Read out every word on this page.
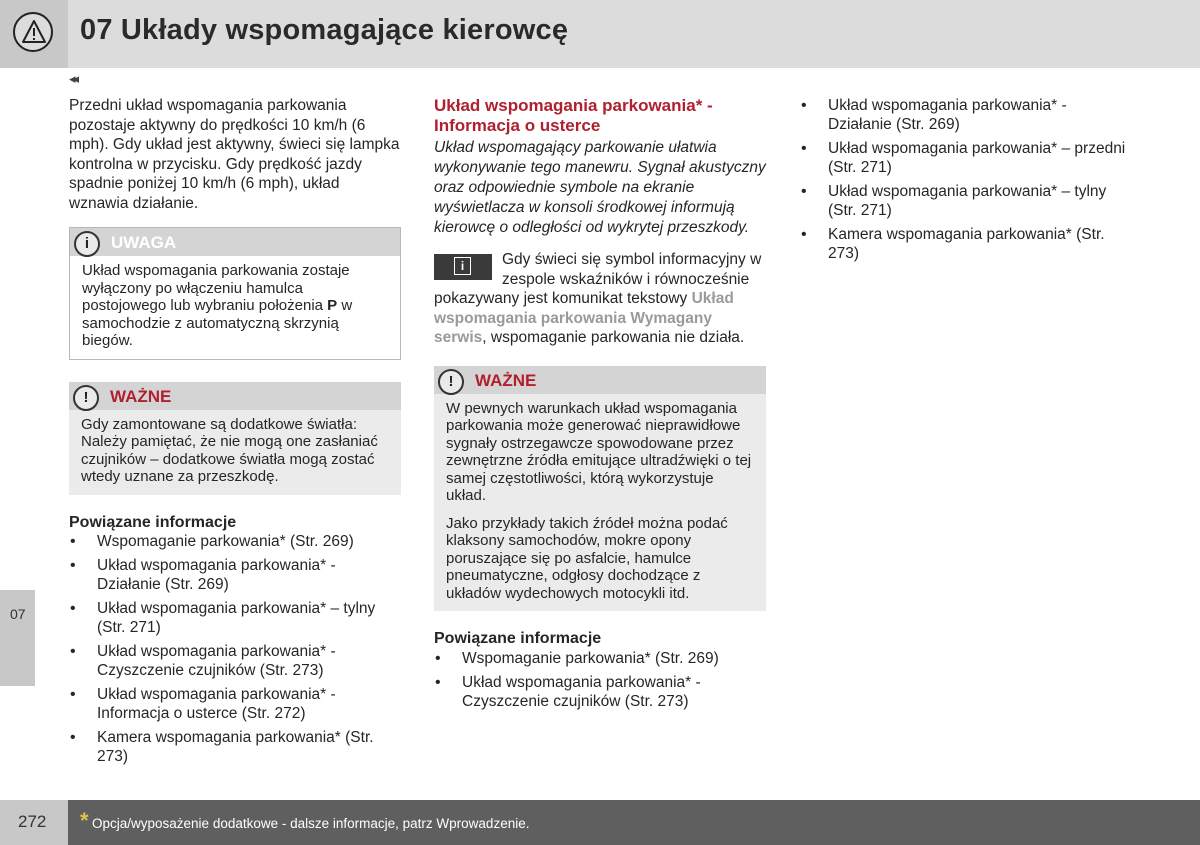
07 Układy wspomagające kierowcę
◂◂
07

Przedni układ wspomagania parkowania pozostaje aktywny do prędkości 10 km/h (6 mph). Gdy układ jest aktywny, świeci się lampka kontrolna w przycisku. Gdy prędkość jazdy spadnie poniżej 10 km/h (6 mph), układ wznawia działanie.

i	UWAGA
Układ wspomagania parkowania zostaje wyłączony po włączeniu hamulca postojowego lub wybraniu położenia P w samochodzie z automatyczną skrzynią biegów.
!	WAŻNE
Gdy zamontowane są dodatkowe światła: Należy pamiętać, że nie mogą one zasłaniać czujników – dodatkowe światła mogą zostać wtedy uznane za przeszkodę.
Powiązane informacje
• Wspomaganie parkowania* (Str. 269)
• Układ wspomagania parkowania* - Działanie (Str. 269)
• Układ wspomagania parkowania* – tylny (Str. 271)
• Układ wspomagania parkowania* - Czyszczenie czujników (Str. 273)
• Układ wspomagania parkowania* - Informacja o usterce (Str. 272)
• Kamera wspomagania parkowania* (Str. 273)
Układ wspomagania parkowania* - Informacja o usterce

Układ wspomagający parkowanie ułatwia wykonywanie tego manewru. Sygnał akustyczny oraz odpowiednie symbole na ekranie wyświetlacza w konsoli środkowej informują kierowcę o odległości od wykrytej przeszkody.

i	Gdy świeci się symbol informacyjny w zespole wskaźników i równocześnie pokazywany jest komunikat tekstowy Układ wspomagania parkowania Wymagany serwis, wspomaganie parkowania nie działa.
!	WAŻNE

W pewnych warunkach układ wspomagania parkowania może generować nieprawidłowe sygnały ostrzegawcze spowodowane przez zewnętrzne źródła emitujące ultradźwięki o tej samej częstotliwości, którą wykorzystuje układ.

Jako przykłady takich źródeł można podać klaksony samochodów, mokre opony poruszające się po asfalcie, hamulce pneumatyczne, odgłosy dochodzące z układów wydechowych motocykli itd.

Powiązane informacje
• Wspomaganie parkowania* (Str. 269)
• Układ wspomagania parkowania* - Czyszczenie czujników (Str. 273)
• Układ wspomagania parkowania* - Działanie (Str. 269)
• Układ wspomagania parkowania* – przedni (Str. 271)
• Układ wspomagania parkowania* – tylny (Str. 271)
• Kamera wspomagania parkowania* (Str. 273)
272 * Opcja/wyposażenie dodatkowe - dalsze informacje, patrz Wprowadzenie.
